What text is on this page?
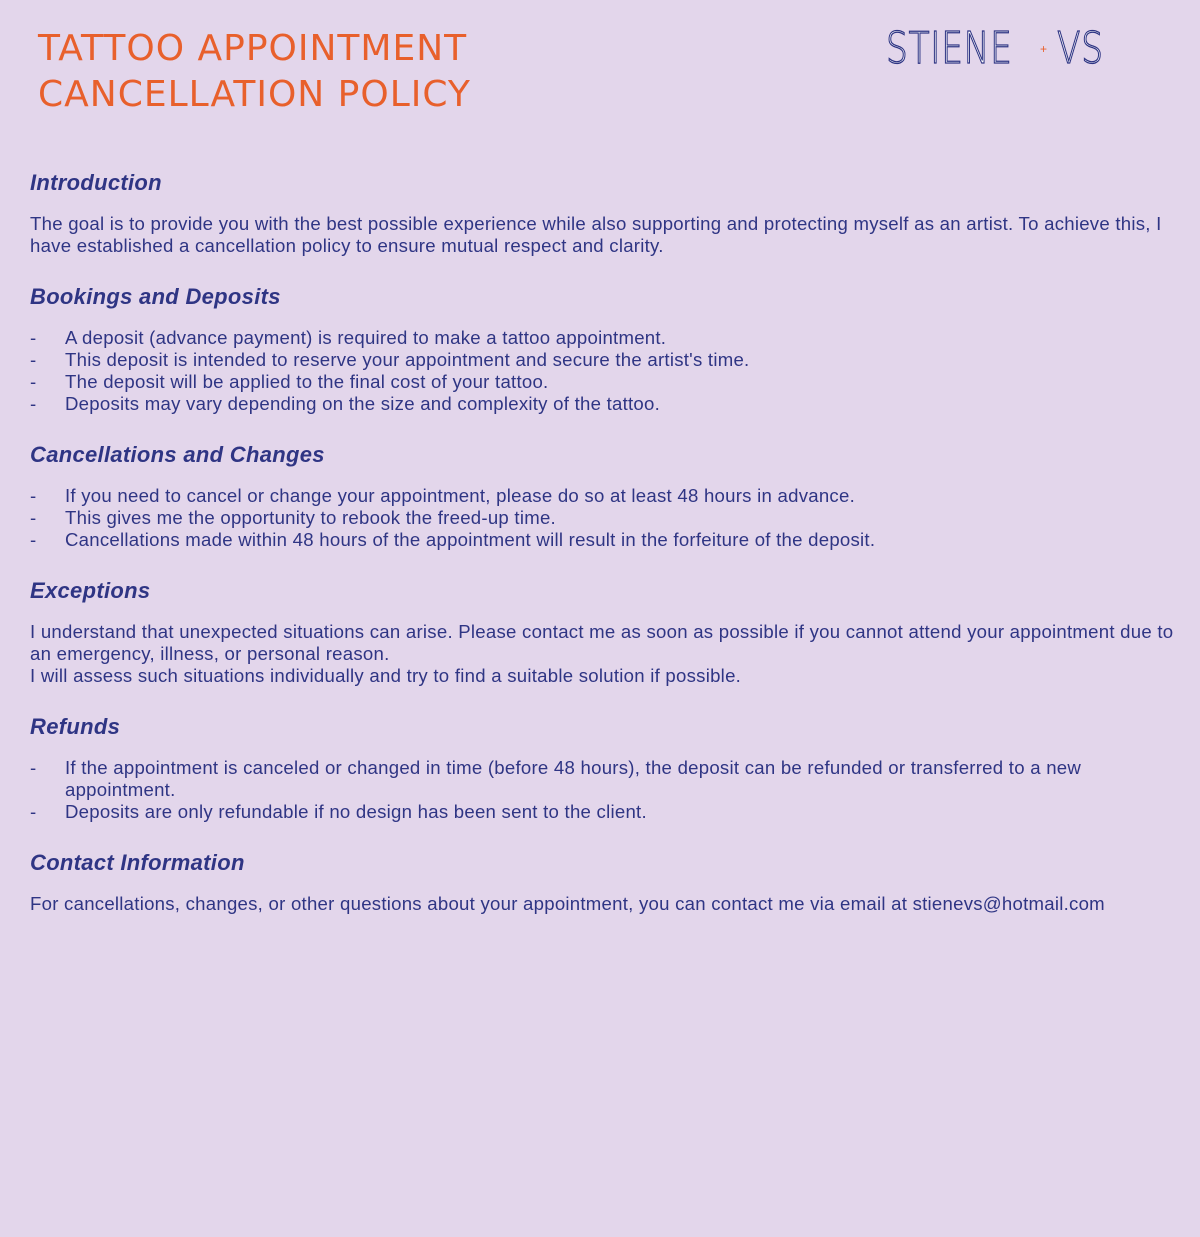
TATTOO APPOINTMENT
CANCELLATION POLICY
STIENE + VS
Introduction

The goal is to provide you with the best possible experience while also supporting and protecting myself as an artist. To achieve this, I have established a cancellation policy to ensure mutual respect and clarity.

Bookings and Deposits
- A deposit (advance payment) is required to make a tattoo appointment.
- This deposit is intended to reserve your appointment and secure the artist's time.
- The deposit will be applied to the final cost of your tattoo.
- Deposits may vary depending on the size and complexity of the tattoo.
Cancellations and Changes
- If you need to cancel or change your appointment, please do so at least 48 hours in advance.
- This gives me the opportunity to rebook the freed-up time.
- Cancellations made within 48 hours of the appointment will result in the forfeiture of the deposit.
Exceptions

I understand that unexpected situations can arise. Please contact me as soon as possible if you cannot attend your appointment due to an emergency, illness, or personal reason.
I will assess such situations individually and try to find a suitable solution if possible.

Refunds
- If the appointment is canceled or changed in time (before 48 hours), the deposit can be refunded or transferred to a new appointment.
- Deposits are only refundable if no design has been sent to the client.
Contact Information

For cancellations, changes, or other questions about your appointment, you can contact me via email at stienevs@hotmail.com
